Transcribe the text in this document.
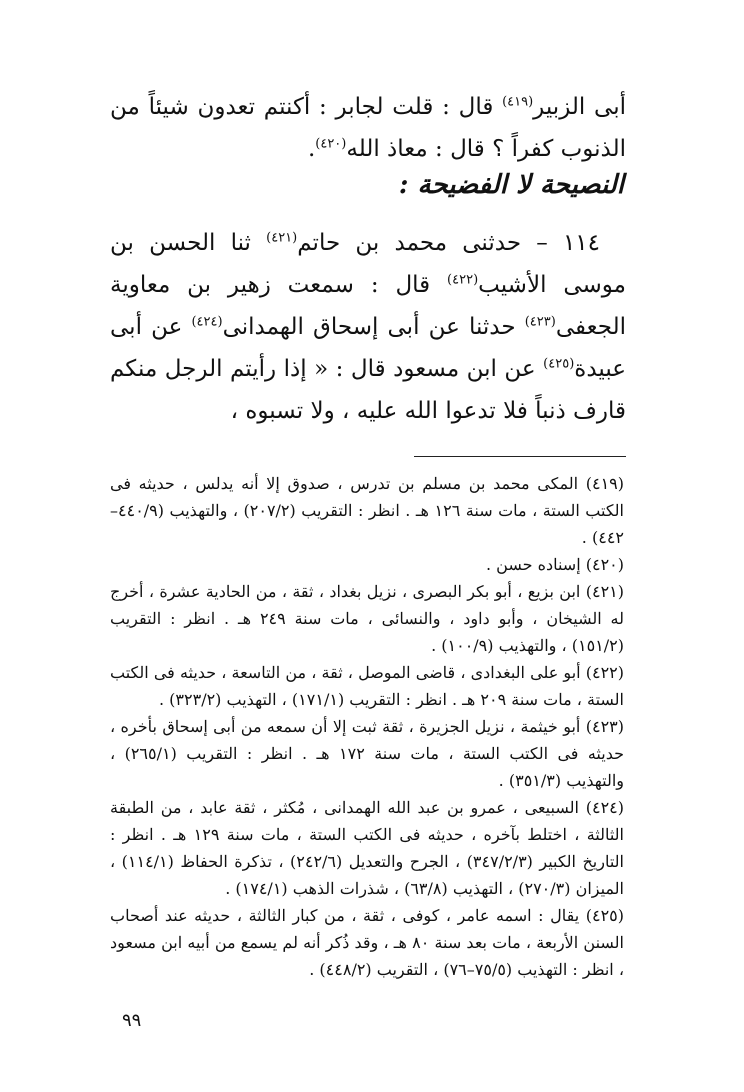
أبى الزبير$^{(٤١٩)}$ قال : قلت لجابر : أكنتم تعدون شيئاً من الذنوب كفراً ؟ قال : معاذ الله$^{(٤٢٠)}$.

النصيحة لا الفضيحة :

١١٤ – حدثنى محمد بن حاتم$^{(٤٢١)}$ ثنا الحسن بن موسى الأشيب$^{(٤٢٢)}$ قال : سمعت زهير بن معاوية الجعفى$^{(٤٢٣)}$ حدثنا عن أبى إسحاق الهمدانى$^{(٤٢٤)}$ عن أبى عبيدة$^{(٤٢٥)}$ عن ابن مسعود قال : « إذا رأيتم الرجل منكم قارف ذنباً فلا تدعوا الله عليه ، ولا تسبوه ،

(٤١٩) المكى محمد بن مسلم بن تدرس ، صدوق إلا أنه يدلس ، حديثه فى الكتب الستة ، مات سنة ١٢٦ هـ . انظر : التقريب (٢٠٧/٢) ، والتهذيب (٤٤٠/٩–٤٤٢) .

(٤٢٠) إسناده حسن .

(٤٢١) ابن بزيع ، أبو بكر البصرى ، نزيل بغداد ، ثقة ، من الحادية عشرة ، أخرج له الشيخان ، وأبو داود ، والنسائى ، مات سنة ٢٤٩ هـ . انظر : التقريب (١٥١/٢) ، والتهذيب (١٠٠/٩) .

(٤٢٢) أبو على البغدادى ، قاضى الموصل ، ثقة ، من التاسعة ، حديثه فى الكتب الستة ، مات سنة ٢٠٩ هـ . انظر : التقريب (١٧١/١) ، التهذيب (٣٢٣/٢) .

(٤٢٣) أبو خيثمة ، نزيل الجزيرة ، ثقة ثبت إلا أن سمعه من أبى إسحاق بأخره ، حديثه فى الكتب الستة ، مات سنة ١٧٢ هـ . انظر : التقريب (٢٦٥/١) ، والتهذيب (٣٥١/٣) .

(٤٢٤) السبيعى ، عمرو بن عبد الله الهمدانى ، مُكثر ، ثقة عابد ، من الطبقة الثالثة ، اختلط بآخره ، حديثه فى الكتب الستة ، مات سنة ١٢٩ هـ . انظر : التاريخ الكبير (٣٤٧/٢/٣) ، الجرح والتعديل (٢٤٢/٦) ، تذكرة الحفاظ (١١٤/١) ، الميزان (٢٧٠/٣) ، التهذيب (٦٣/٨) ، شذرات الذهب (١٧٤/١) .

(٤٢٥) يقال : اسمه عامر ، كوفى ، ثقة ، من كبار الثالثة ، حديثه عند أصحاب السنن الأربعة ، مات بعد سنة ٨٠ هـ ، وقد ذُكر أنه لم يسمع من أبيه ابن مسعود ، انظر : التهذيب (٧٥/٥–٧٦) ، التقريب (٤٤٨/٢) .

٩٩
